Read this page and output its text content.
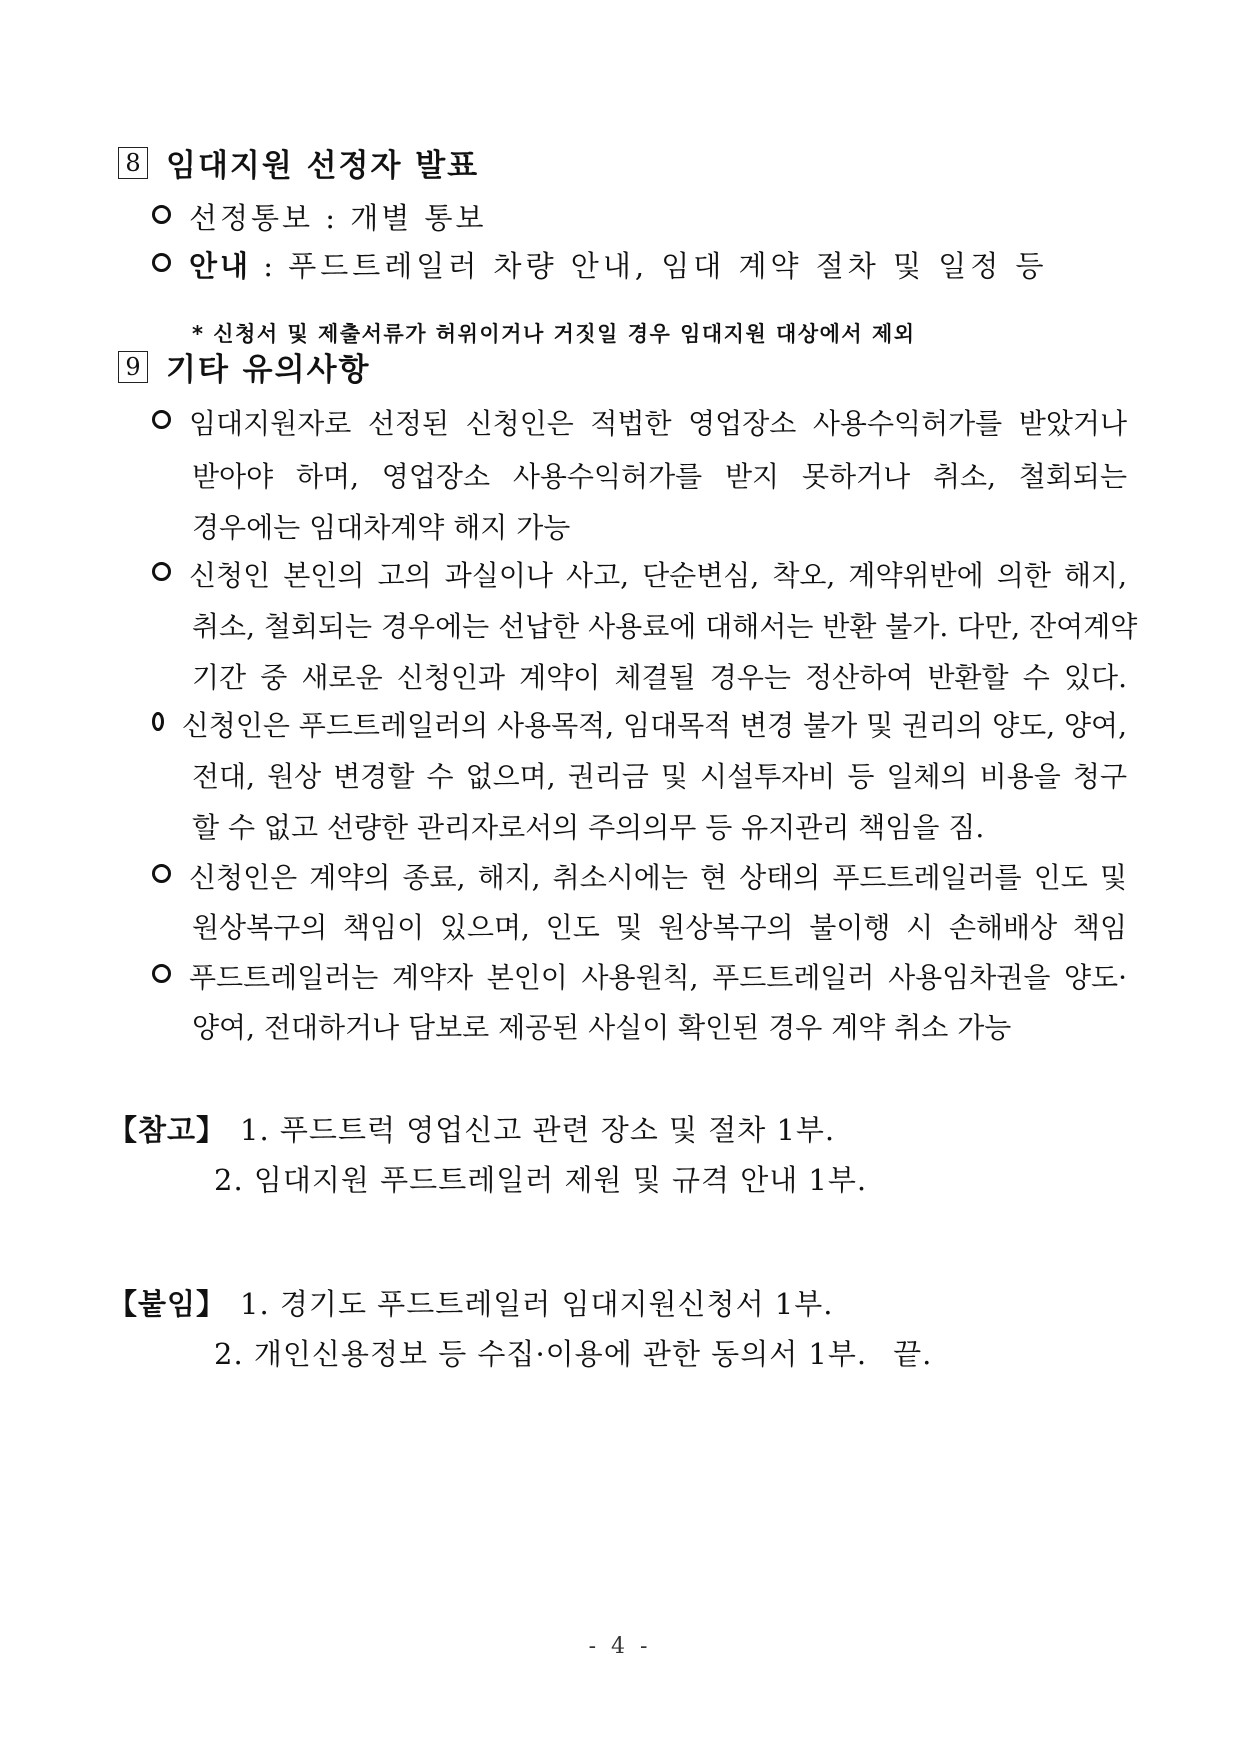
8 임대지원 선정자 발표
선정통보 : 개별 통보
안내 : 푸드트레일러 차량 안내, 임대 계약 절차 및 일정 등
* 신청서 및 제출서류가 허위이거나 거짓일 경우 임대지원 대상에서 제외
9 기타 유의사항
임대지원자로 선정된 신청인은 적법한 영업장소 사용수익허가를 받았거나
받아야 하며, 영업장소 사용수익허가를 받지 못하거나 취소, 철회되는
경우에는 임대차계약 해지 가능
신청인 본인의 고의 과실이나 사고, 단순변심, 착오, 계약위반에 의한 해지,
취소, 철회되는 경우에는 선납한 사용료에 대해서는 반환 불가. 다만, 잔여계약
기간 중 새로운 신청인과 계약이 체결될 경우는 정산하여 반환할 수 있다.
신청인은 푸드트레일러의 사용목적, 임대목적 변경 불가 및 권리의 양도, 양여,
전대, 원상 변경할 수 없으며, 권리금 및 시설투자비 등 일체의 비용을 청구
할 수 없고 선량한 관리자로서의 주의의무 등 유지관리 책임을 짐.
신청인은 계약의 종료, 해지, 취소시에는 현 상태의 푸드트레일러를 인도 및
원상복구의 책임이 있으며, 인도 및 원상복구의 불이행 시 손해배상 책임
푸드트레일러는 계약자 본인이 사용원칙, 푸드트레일러 사용임차권을 양도·
양여, 전대하거나 담보로 제공된 사실이 확인된 경우 계약 취소 가능
【참고】 1. 푸드트럭 영업신고 관련 장소 및 절차 1부.
2. 임대지원 푸드트레일러 제원 및 규격 안내 1부.
【붙임】 1. 경기도 푸드트레일러 임대지원신청서 1부.
2. 개인신용정보 등 수집·이용에 관한 동의서 1부. 끝.
- 4 -
